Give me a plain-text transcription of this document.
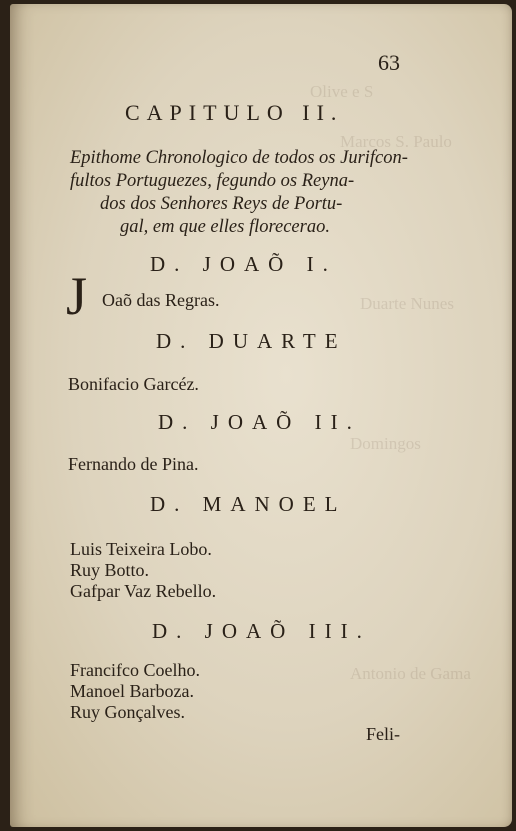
Olive e S
Marcos S. Paulo
Duarte Nunes
Domingos
Antonio de Gama
63
CAPITULO II.
Epithome Chronologico de todos os Jurifcon-
fultos Portuguezes, fegundo os Reyna-
dos dos Senhores Reys de Portu-
gal, em que elles florecerao.
D. JOAÕ I.
J Oaõ das Regras.
D. DUARTE
Bonifacio Garcéz.
D. JOAÕ II.
Fernando de Pina.
D. MANOEL
Luis Teixeira Lobo.
Ruy Botto.
Gafpar Vaz Rebello.
D. JOAÕ III.
Francifco Coelho.
Manoel Barboza.
Ruy Gonçalves.
Feli-
